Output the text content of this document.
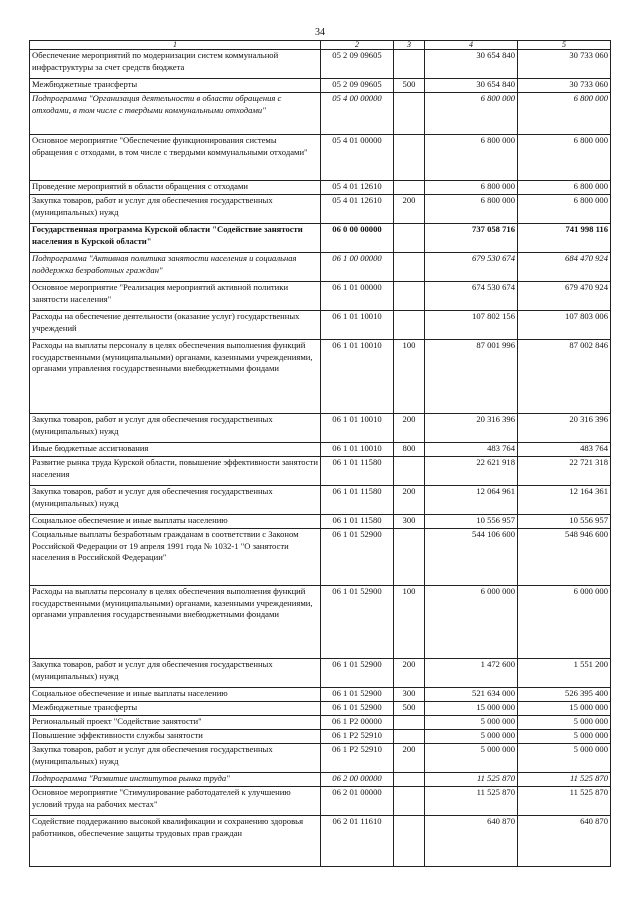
34
1	2	3	4	5
Обеспечение мероприятий по модернизации систем коммунальной инфраструктуры за счет средств бюджета	05 2 09 09605		30 654 840	30 733 060
Межбюджетные трансферты	05 2 09 09605	500	30 654 840	30 733 060
Подпрограмма "Организация деятельности в области обращения с отходами, в том числе с твердыми коммунальными отходами"	05 4 00 00000		6 800 000	6 800 000
Основное мероприятие "Обеспечение функционирования системы обращения с отходами, в том числе с твердыми коммунальными отходами"	05 4 01 00000		6 800 000	6 800 000
Проведение мероприятий в области обращения с отходами	05 4 01 12610		6 800 000	6 800 000
Закупка товаров, работ и услуг для обеспечения государственных (муниципальных) нужд	05 4 01 12610	200	6 800 000	6 800 000
Государственная программа Курской области "Содействие занятости населения в Курской области"	06 0 00 00000		737 058 716	741 998 116
Подпрограмма "Активная политика занятости населения и социальная поддержка безработных граждан"	06 1 00 00000		679 530 674	684 470 924
Основное мероприятие "Реализация мероприятий активной политики занятости населения"	06 1 01 00000		674 530 674	679 470 924
Расходы на обеспечение деятельности (оказание услуг) государственных учреждений	06 1 01 10010		107 802 156	107 803 006
Расходы на выплаты персоналу в целях обеспечения выполнения функций государственными (муниципальными) органами, казенными учреждениями, органами управления государственными внебюджетными фондами	06 1 01 10010	100	87 001 996	87 002 846
Закупка товаров, работ и услуг для обеспечения государственных (муниципальных) нужд	06 1 01 10010	200	20 316 396	20 316 396
Иные бюджетные ассигнования	06 1 01 10010	800	483 764	483 764
Развитие рынка труда Курской области, повышение эффективности занятости населения	06 1 01 11580		22 621 918	22 721 318
Закупка товаров, работ и услуг для обеспечения государственных (муниципальных) нужд	06 1 01 11580	200	12 064 961	12 164 361
Социальное обеспечение и иные выплаты населению	06 1 01 11580	300	10 556 957	10 556 957
Социальные выплаты безработным гражданам в соответствии с Законом Российской Федерации от 19 апреля 1991 года № 1032-1 "О занятости населения в Российской Федерации"	06 1 01 52900		544 106 600	548 946 600
Расходы на выплаты персоналу в целях обеспечения выполнения функций государственными (муниципальными) органами, казенными учреждениями, органами управления государственными внебюджетными фондами	06 1 01 52900	100	6 000 000	6 000 000
Закупка товаров, работ и услуг для обеспечения государственных (муниципальных) нужд	06 1 01 52900	200	1 472 600	1 551 200
Социальное обеспечение и иные выплаты населению	06 1 01 52900	300	521 634 000	526 395 400
Межбюджетные трансферты	06 1 01 52900	500	15 000 000	15 000 000
Региональный проект "Содействие занятости"	06 1 P2 00000		5 000 000	5 000 000
Повышение эффективности службы занятости	06 1 P2 52910		5 000 000	5 000 000
Закупка товаров, работ и услуг для обеспечения государственных (муниципальных) нужд	06 1 P2 52910	200	5 000 000	5 000 000
Подпрограмма "Развитие институтов рынка труда"	06 2 00 00000		11 525 870	11 525 870
Основное мероприятие "Стимулирование работодателей к улучшению условий труда на рабочих местах"	06 2 01 00000		11 525 870	11 525 870
Содействие поддержанию высокой квалификации и сохранению здоровья работников, обеспечение защиты трудовых прав граждан	06 2 01 11610		640 870	640 870
